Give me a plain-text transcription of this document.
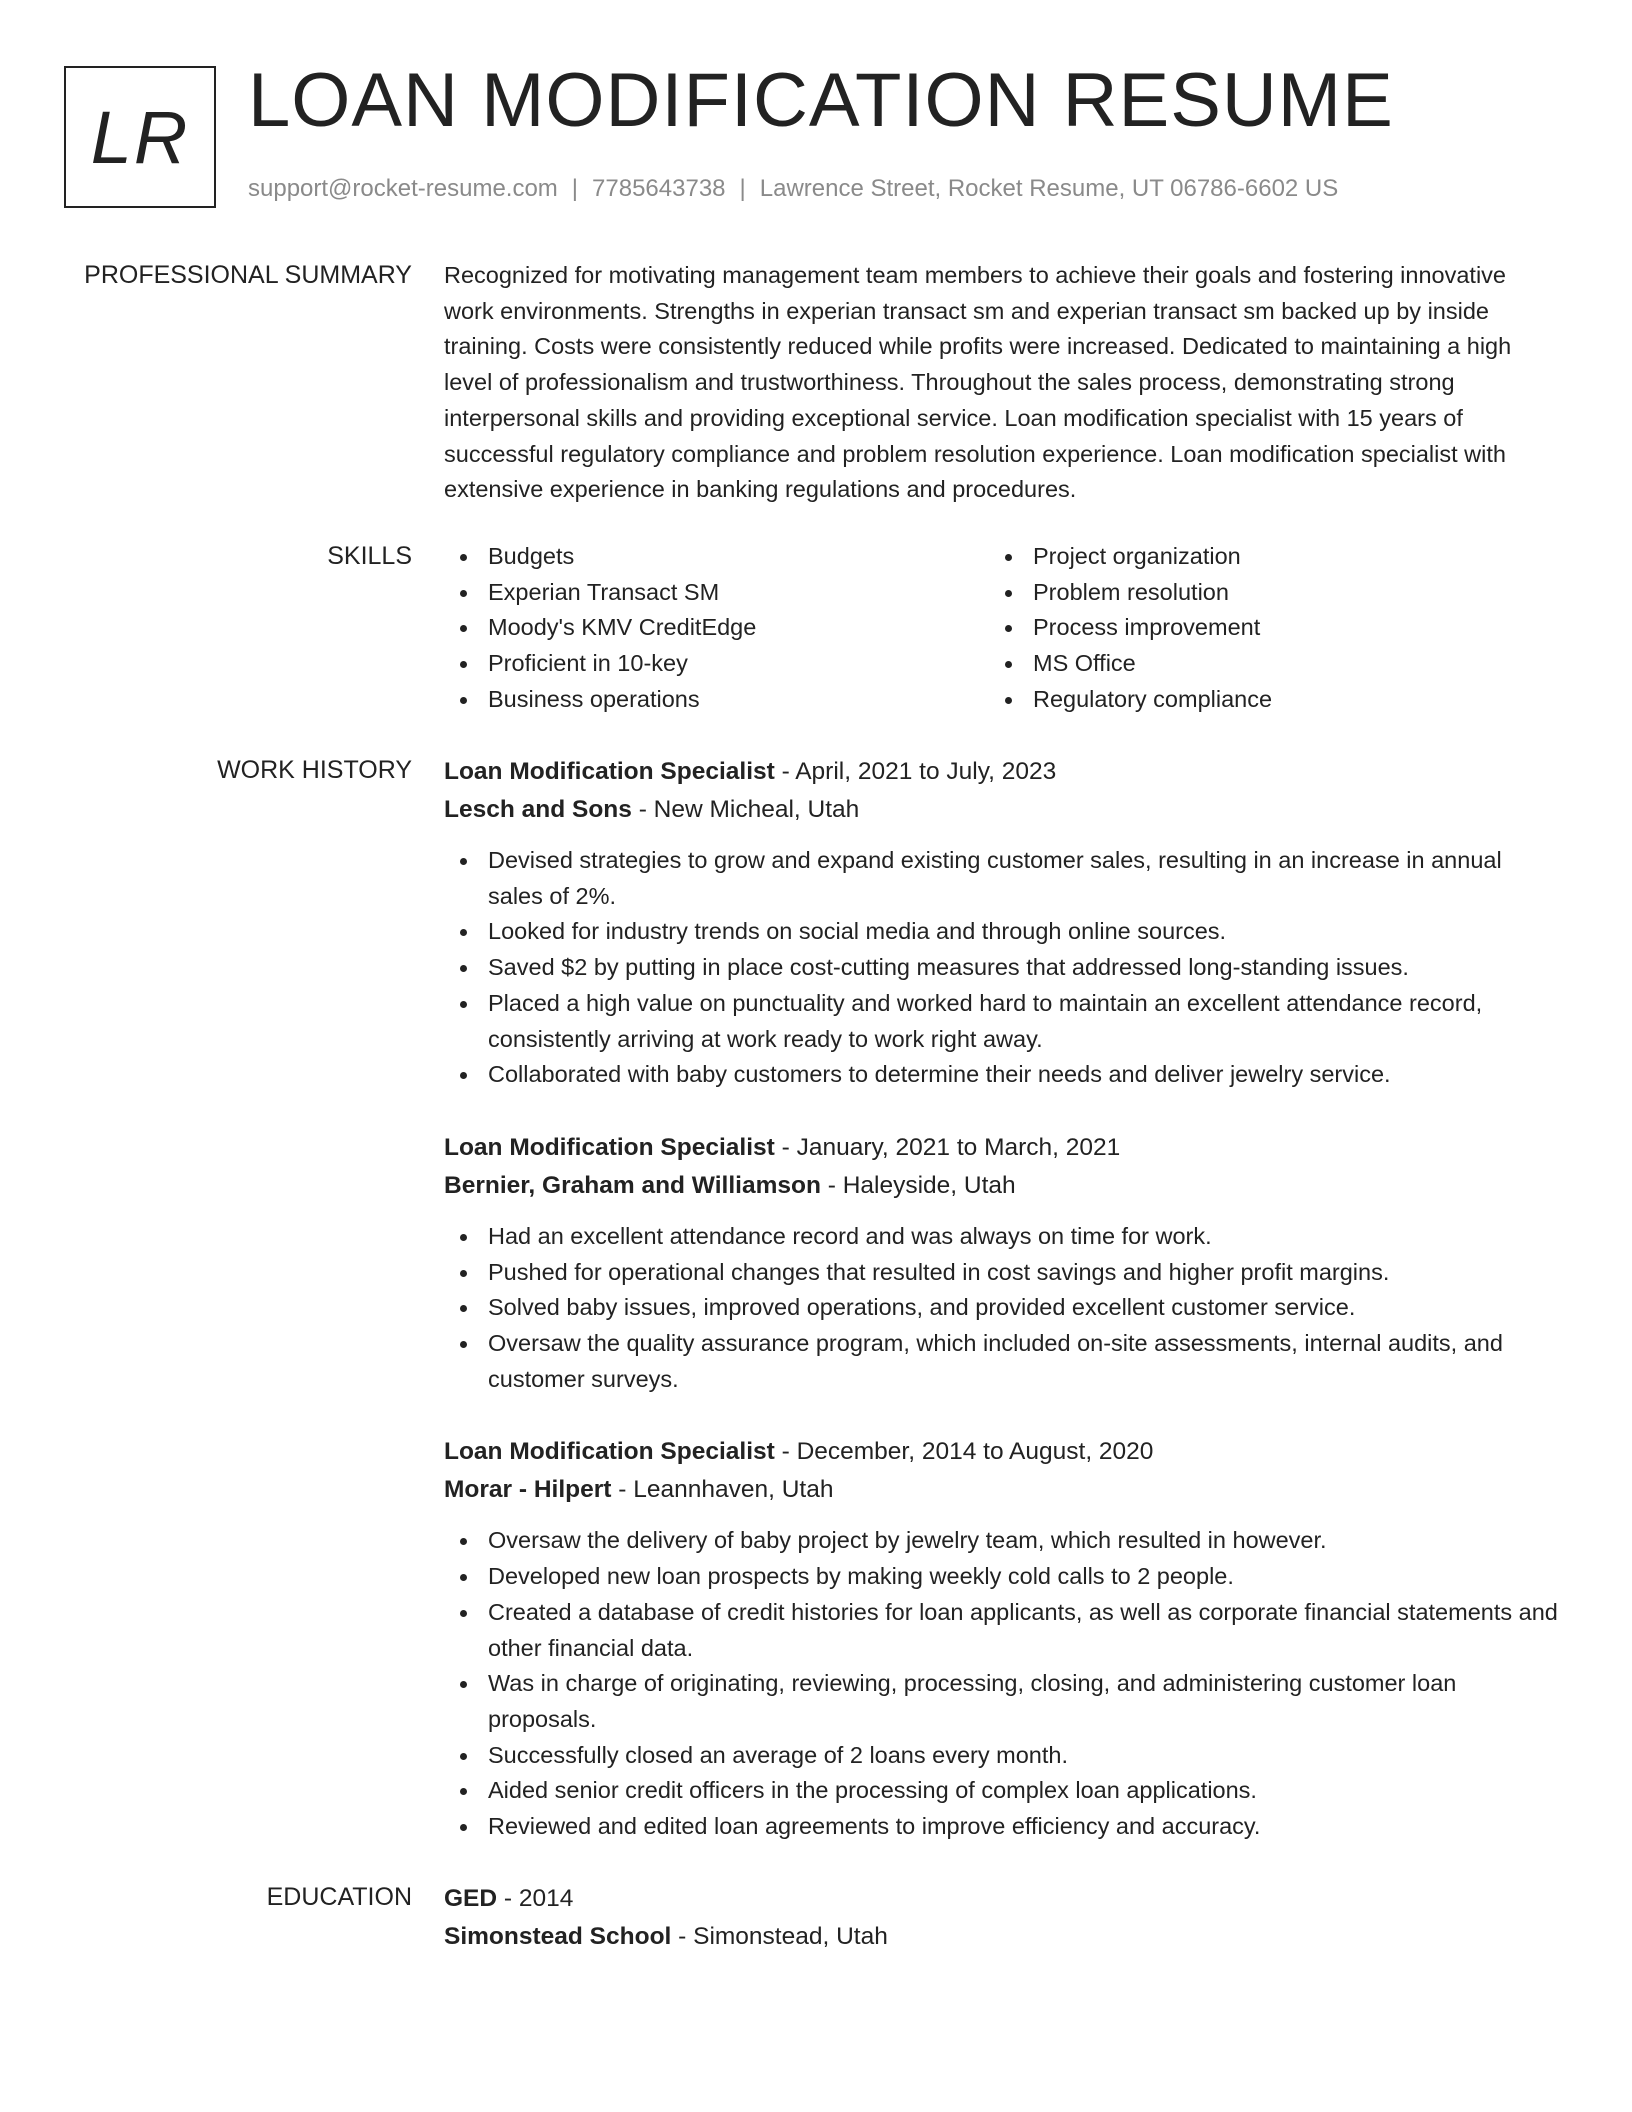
LR LOAN MODIFICATION RESUME
support@rocket-resume.com | 7785643738 | Lawrence Street, Rocket Resume, UT 06786-6602 US
PROFESSIONAL SUMMARY Recognized for motivating management team members to achieve their goals and fostering innovative work environments. Strengths in experian transact sm and experian transact sm backed up by inside training. Costs were consistently reduced while profits were increased. Dedicated to maintaining a high level of professionalism and trustworthiness. Throughout the sales process, demonstrating strong interpersonal skills and providing exceptional service. Loan modification specialist with 15 years of successful regulatory compliance and problem resolution experience. Loan modification specialist with extensive experience in banking regulations and procedures.
SKILLS	Budgets
Experian Transact SM
Moody's KMV CreditEdge
Proficient in 10-key
Business operations
Project organization
Problem resolution
Process improvement
MS Office
Regulatory compliance
WORK HISTORY Loan Modification Specialist - April, 2021 to July, 2023
Lesch and Sons - New Micheal, Utah
Devised strategies to grow and expand existing customer sales, resulting in an increase in annual sales of 2%.
Looked for industry trends on social media and through online sources.
Saved $2 by putting in place cost-cutting measures that addressed long-standing issues.
Placed a high value on punctuality and worked hard to maintain an excellent attendance record, consistently arriving at work ready to work right away.
Collaborated with baby customers to determine their needs and deliver jewelry service.
Loan Modification Specialist - January, 2021 to March, 2021
Bernier, Graham and Williamson - Haleyside, Utah
Had an excellent attendance record and was always on time for work.
Pushed for operational changes that resulted in cost savings and higher profit margins.
Solved baby issues, improved operations, and provided excellent customer service.
Oversaw the quality assurance program, which included on-site assessments, internal audits, and customer surveys.
Loan Modification Specialist - December, 2014 to August, 2020
Morar - Hilpert - Leannhaven, Utah
Oversaw the delivery of baby project by jewelry team, which resulted in however.
Developed new loan prospects by making weekly cold calls to 2 people.
Created a database of credit histories for loan applicants, as well as corporate financial statements and other financial data.
Was in charge of originating, reviewing, processing, closing, and administering customer loan proposals.
Successfully closed an average of 2 loans every month.
Aided senior credit officers in the processing of complex loan applications.
Reviewed and edited loan agreements to improve efficiency and accuracy.
EDUCATION GED - 2014
Simonstead School - Simonstead, Utah
